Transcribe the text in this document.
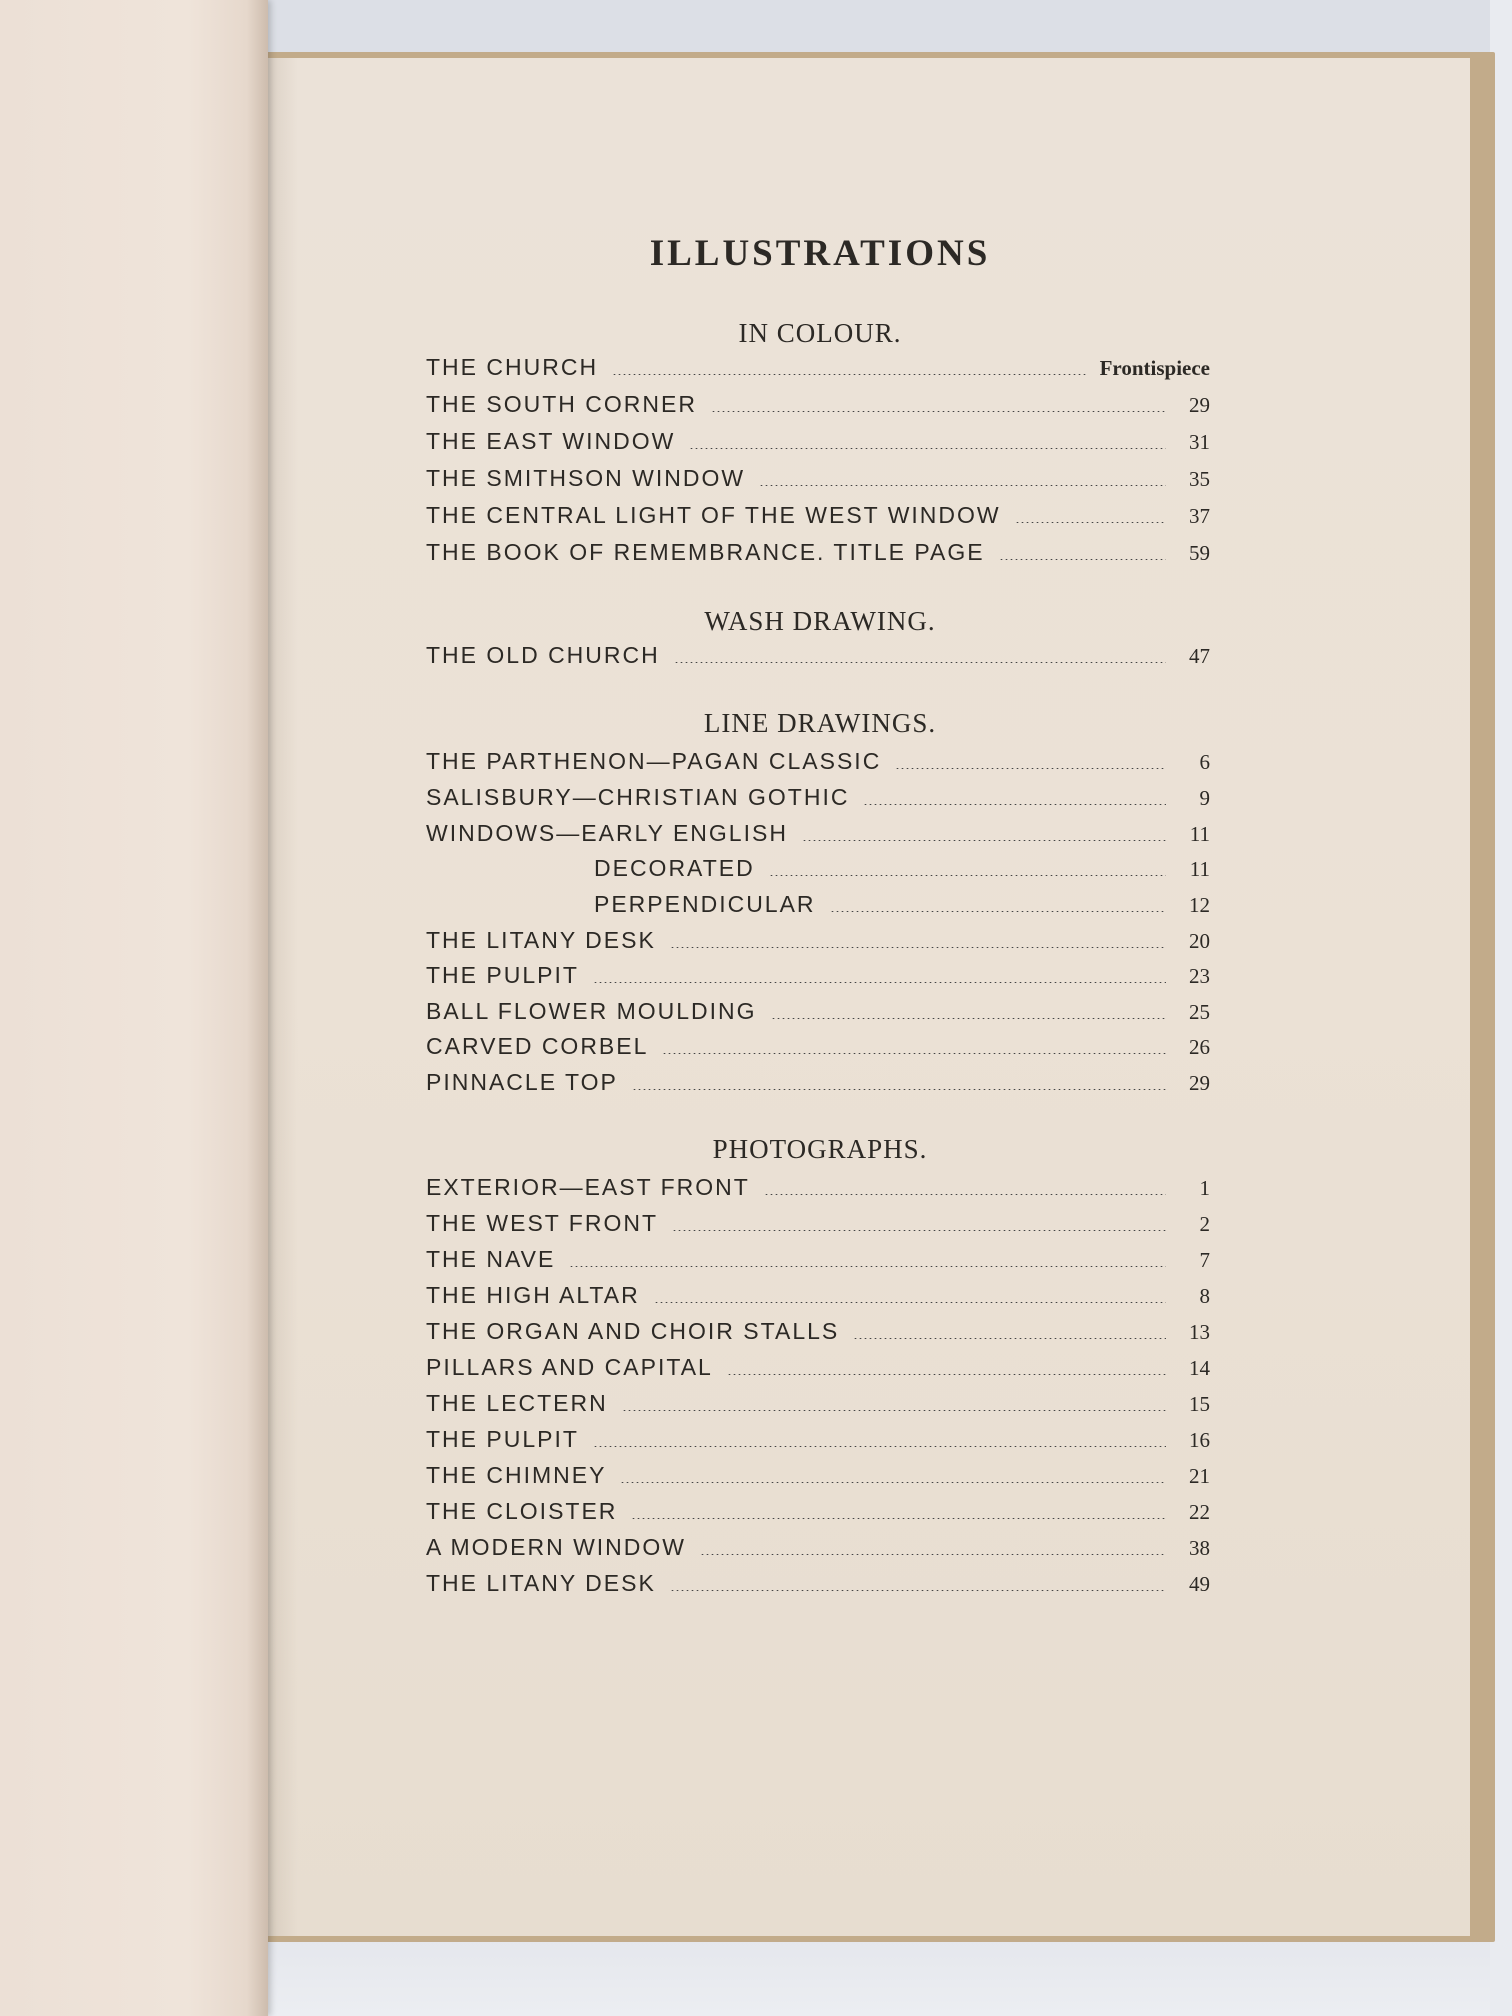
ILLUSTRATIONS
IN COLOUR.
THE CHURCH	Frontispiece
THE SOUTH CORNER	29
THE EAST WINDOW	31
THE SMITHSON WINDOW	35
THE CENTRAL LIGHT OF THE WEST WINDOW	37
THE BOOK OF REMEMBRANCE. TITLE PAGE	59
WASH DRAWING.
THE OLD CHURCH	47
LINE DRAWINGS.
THE PARTHENON—PAGAN CLASSIC	6
SALISBURY—CHRISTIAN GOTHIC	9
WINDOWS—EARLY ENGLISH	11
DECORATED	11
PERPENDICULAR	12
THE LITANY DESK	20
THE PULPIT	23
BALL FLOWER MOULDING	25
CARVED CORBEL	26
PINNACLE TOP	29
PHOTOGRAPHS.
EXTERIOR—EAST FRONT	1
THE WEST FRONT	2
THE NAVE	7
THE HIGH ALTAR	8
THE ORGAN AND CHOIR STALLS	13
PILLARS AND CAPITAL	14
THE LECTERN	15
THE PULPIT	16
THE CHIMNEY	21
THE CLOISTER	22
A MODERN WINDOW	38
THE LITANY DESK	49
